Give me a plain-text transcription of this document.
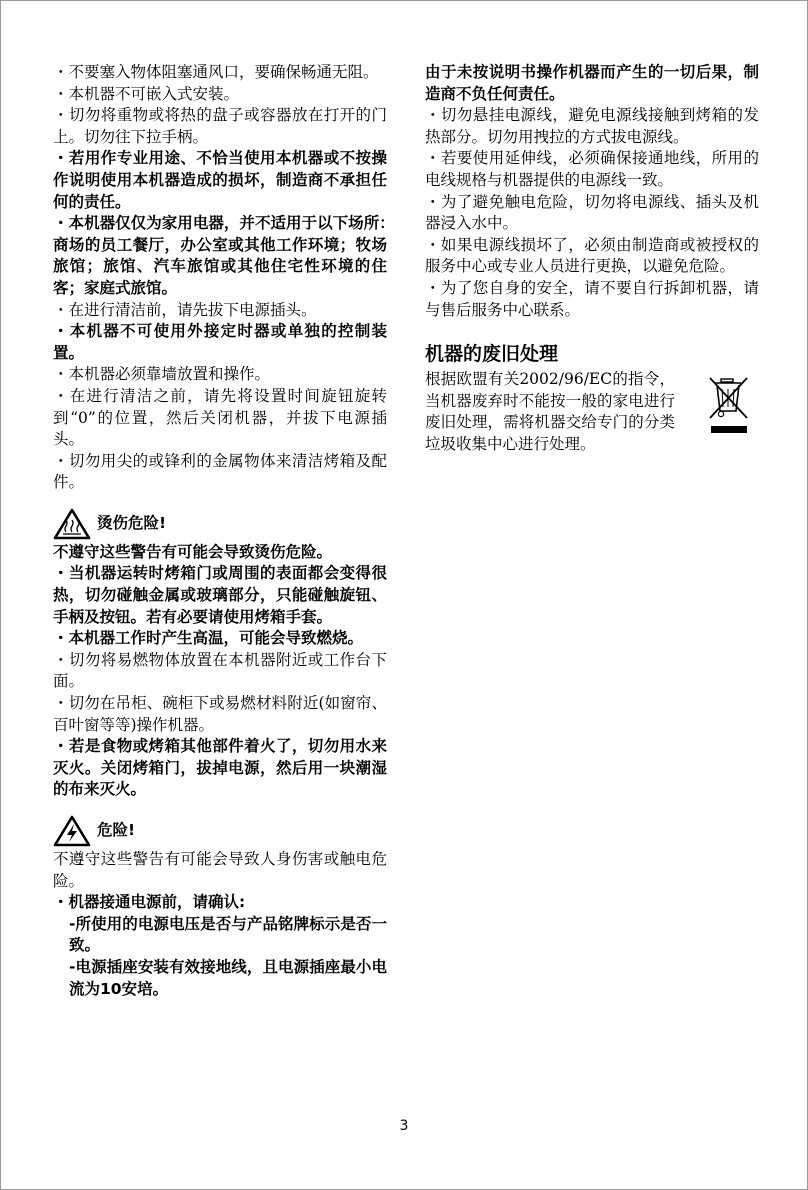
・不要塞入物体阻塞通风口，要确保畅通无阻。

・本机器不可嵌入式安装。

・切勿将重物或将热的盘子或容器放在打开的门上。切勿往下拉手柄。

・若用作专业用途、不恰当使用本机器或不按操作说明使用本机器造成的损坏，制造商不承担任何的责任。

・本机器仅仅为家用电器，并不适用于以下场所：　商场的员工餐厅，办公室或其他工作环境；牧场旅馆；旅馆、汽车旅馆或其他住宅性环境的住客；家庭式旅馆。

・在进行清洁前，请先拔下电源插头。

・本机器不可使用外接定时器或单独的控制装置。

・本机器必须靠墙放置和操作。

・在进行清洁之前，请先将设置时间旋钮旋转到“0”的位置，然后关闭机器，并拔下电源插头。

・切勿用尖的或锋利的金属物体来清洁烤箱及配件。

烫伤危险!

不遵守这些警告有可能会导致烫伤危险。

・当机器运转时烤箱门或周围的表面都会变得很热，切勿碰触金属或玻璃部分，只能碰触旋钮、手柄及按钮。若有必要请使用烤箱手套。

・本机器工作时产生高温，可能会导致燃烧。

・切勿将易燃物体放置在本机器附近或工作台下面。

・切勿在吊柜、碗柜下或易燃材料附近(如窗帘、百叶窗等等)操作机器。

・若是食物或烤箱其他部件着火了，切勿用水来灭火。关闭烤箱门，拔掉电源，然后用一块潮湿的布来灭火。

危险!

不遵守这些警告有可能会导致人身伤害或触电危险。

・机器接通电源前，请确认:

-所使用的电源电压是否与产品铭牌标示是否一致。

-电源插座安装有效接地线，且电源插座最小电流为10安培。

由于未按说明书操作机器而产生的一切后果，制造商不负任何责任。

・切勿悬挂电源线，避免电源线接触到烤箱的发热部分。切勿用拽拉的方式拔电源线。

・若要使用延伸线，必须确保接通地线，所用的电线规格与机器提供的电源线一致。

・为了避免触电危险，切勿将电源线、插头及机器浸入水中。

・如果电源线损坏了，必须由制造商或被授权的服务中心或专业人员进行更换，以避免危险。

・为了您自身的安全，请不要自行拆卸机器，请与售后服务中心联系。

机器的废旧处理

根据欧盟有关2002/96/EC的指令，当机器废弃时不能按一般的家电进行废旧处理，需将机器交给专门的分类垃圾收集中心进行处理。

3
